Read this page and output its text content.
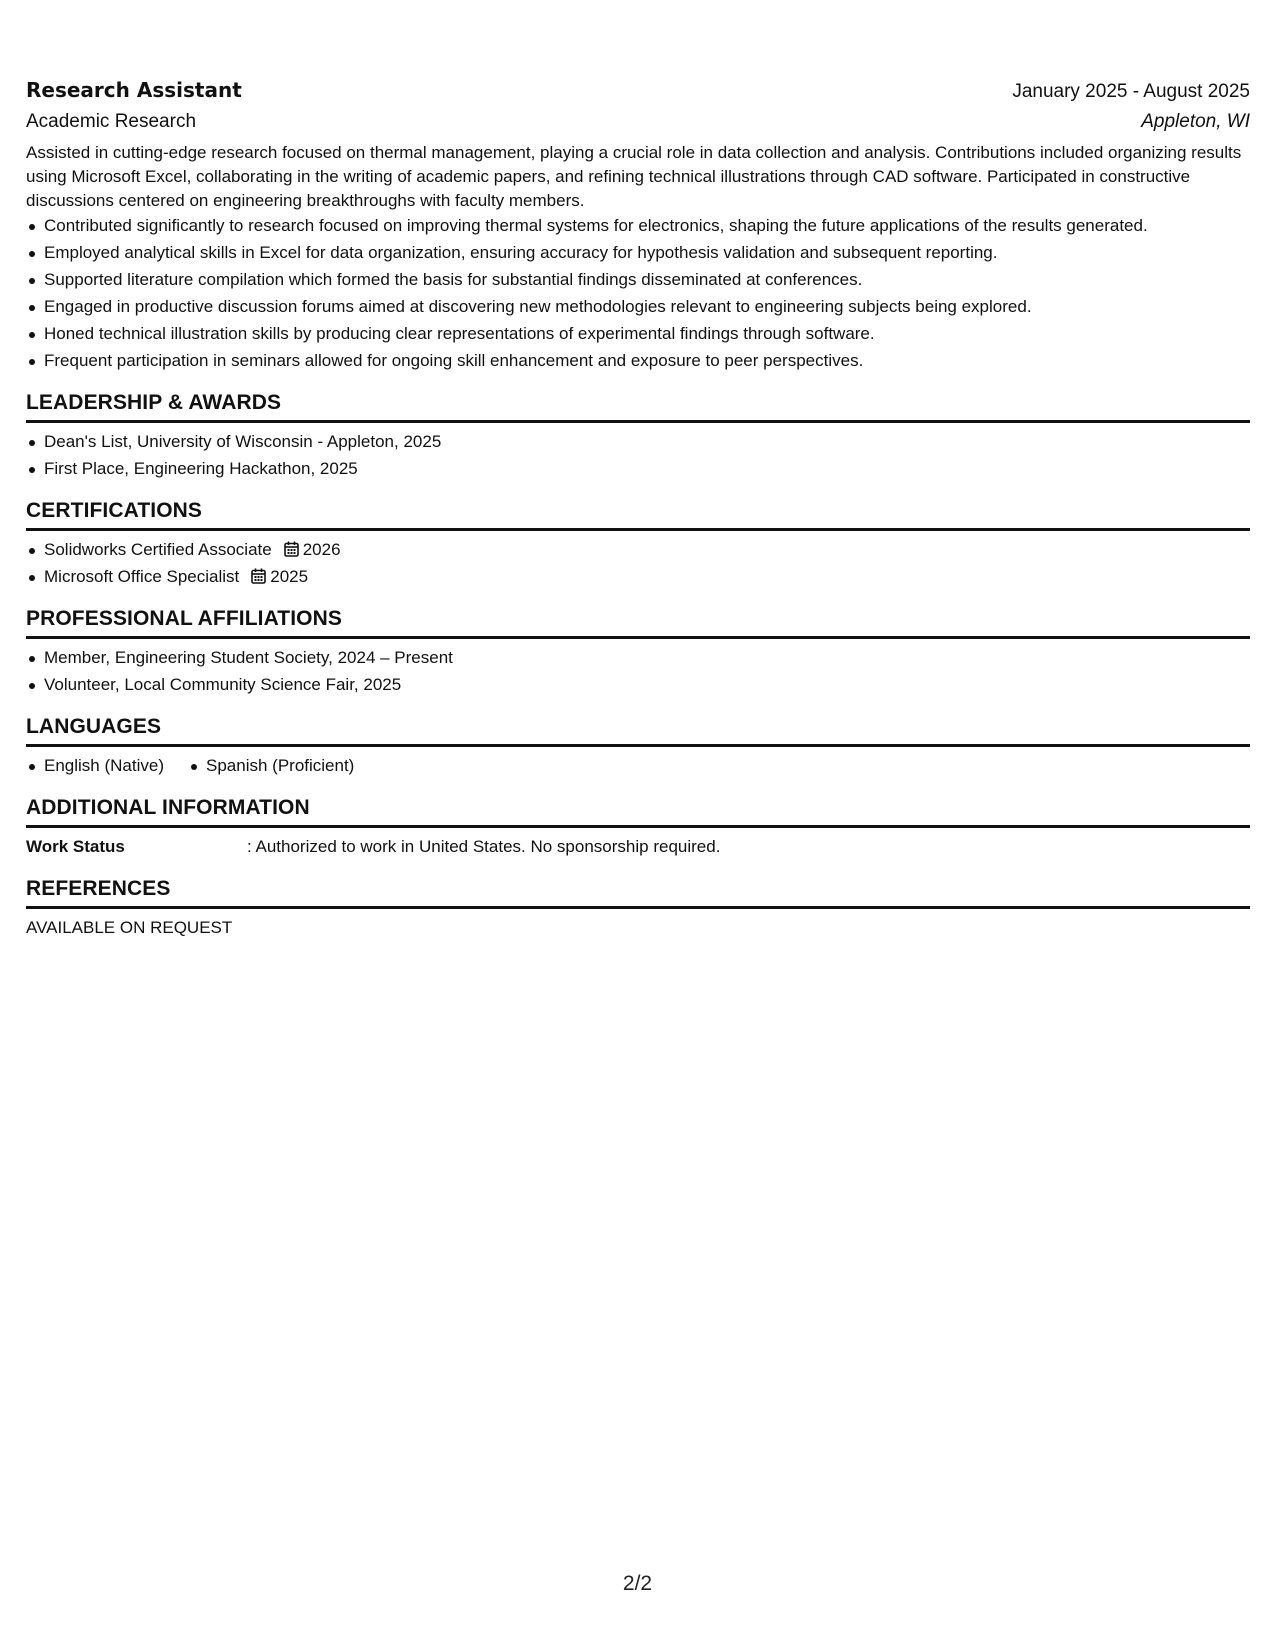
Research Assistant	January 2025 - August 2025
Academic Research	Appleton, WI

Assisted in cutting-edge research focused on thermal management, playing a crucial role in data collection and analysis. Contributions included organizing results using Microsoft Excel, collaborating in the writing of academic papers, and refining technical illustrations through CAD software. Participated in constructive discussions centered on engineering breakthroughs with faculty members.

Contributed significantly to research focused on improving thermal systems for electronics, shaping the future applications of the results generated.
Employed analytical skills in Excel for data organization, ensuring accuracy for hypothesis validation and subsequent reporting.
Supported literature compilation which formed the basis for substantial findings disseminated at conferences.
Engaged in productive discussion forums aimed at discovering new methodologies relevant to engineering subjects being explored.
Honed technical illustration skills by producing clear representations of experimental findings through software.
Frequent participation in seminars allowed for ongoing skill enhancement and exposure to peer perspectives.
LEADERSHIP & AWARDS
Dean's List, University of Wisconsin - Appleton, 2025
First Place, Engineering Hackathon, 2025
CERTIFICATIONS
Solidworks Certified Associate 2026
Microsoft Office Specialist 2025
PROFESSIONAL AFFILIATIONS
Member, Engineering Student Society, 2024 – Present
Volunteer, Local Community Science Fair, 2025
LANGUAGES
English (Native)	Spanish (Proficient)
ADDITIONAL INFORMATION
Work Status	: Authorized to work in United States. No sponsorship required.
REFERENCES

AVAILABLE ON REQUEST

2/2
